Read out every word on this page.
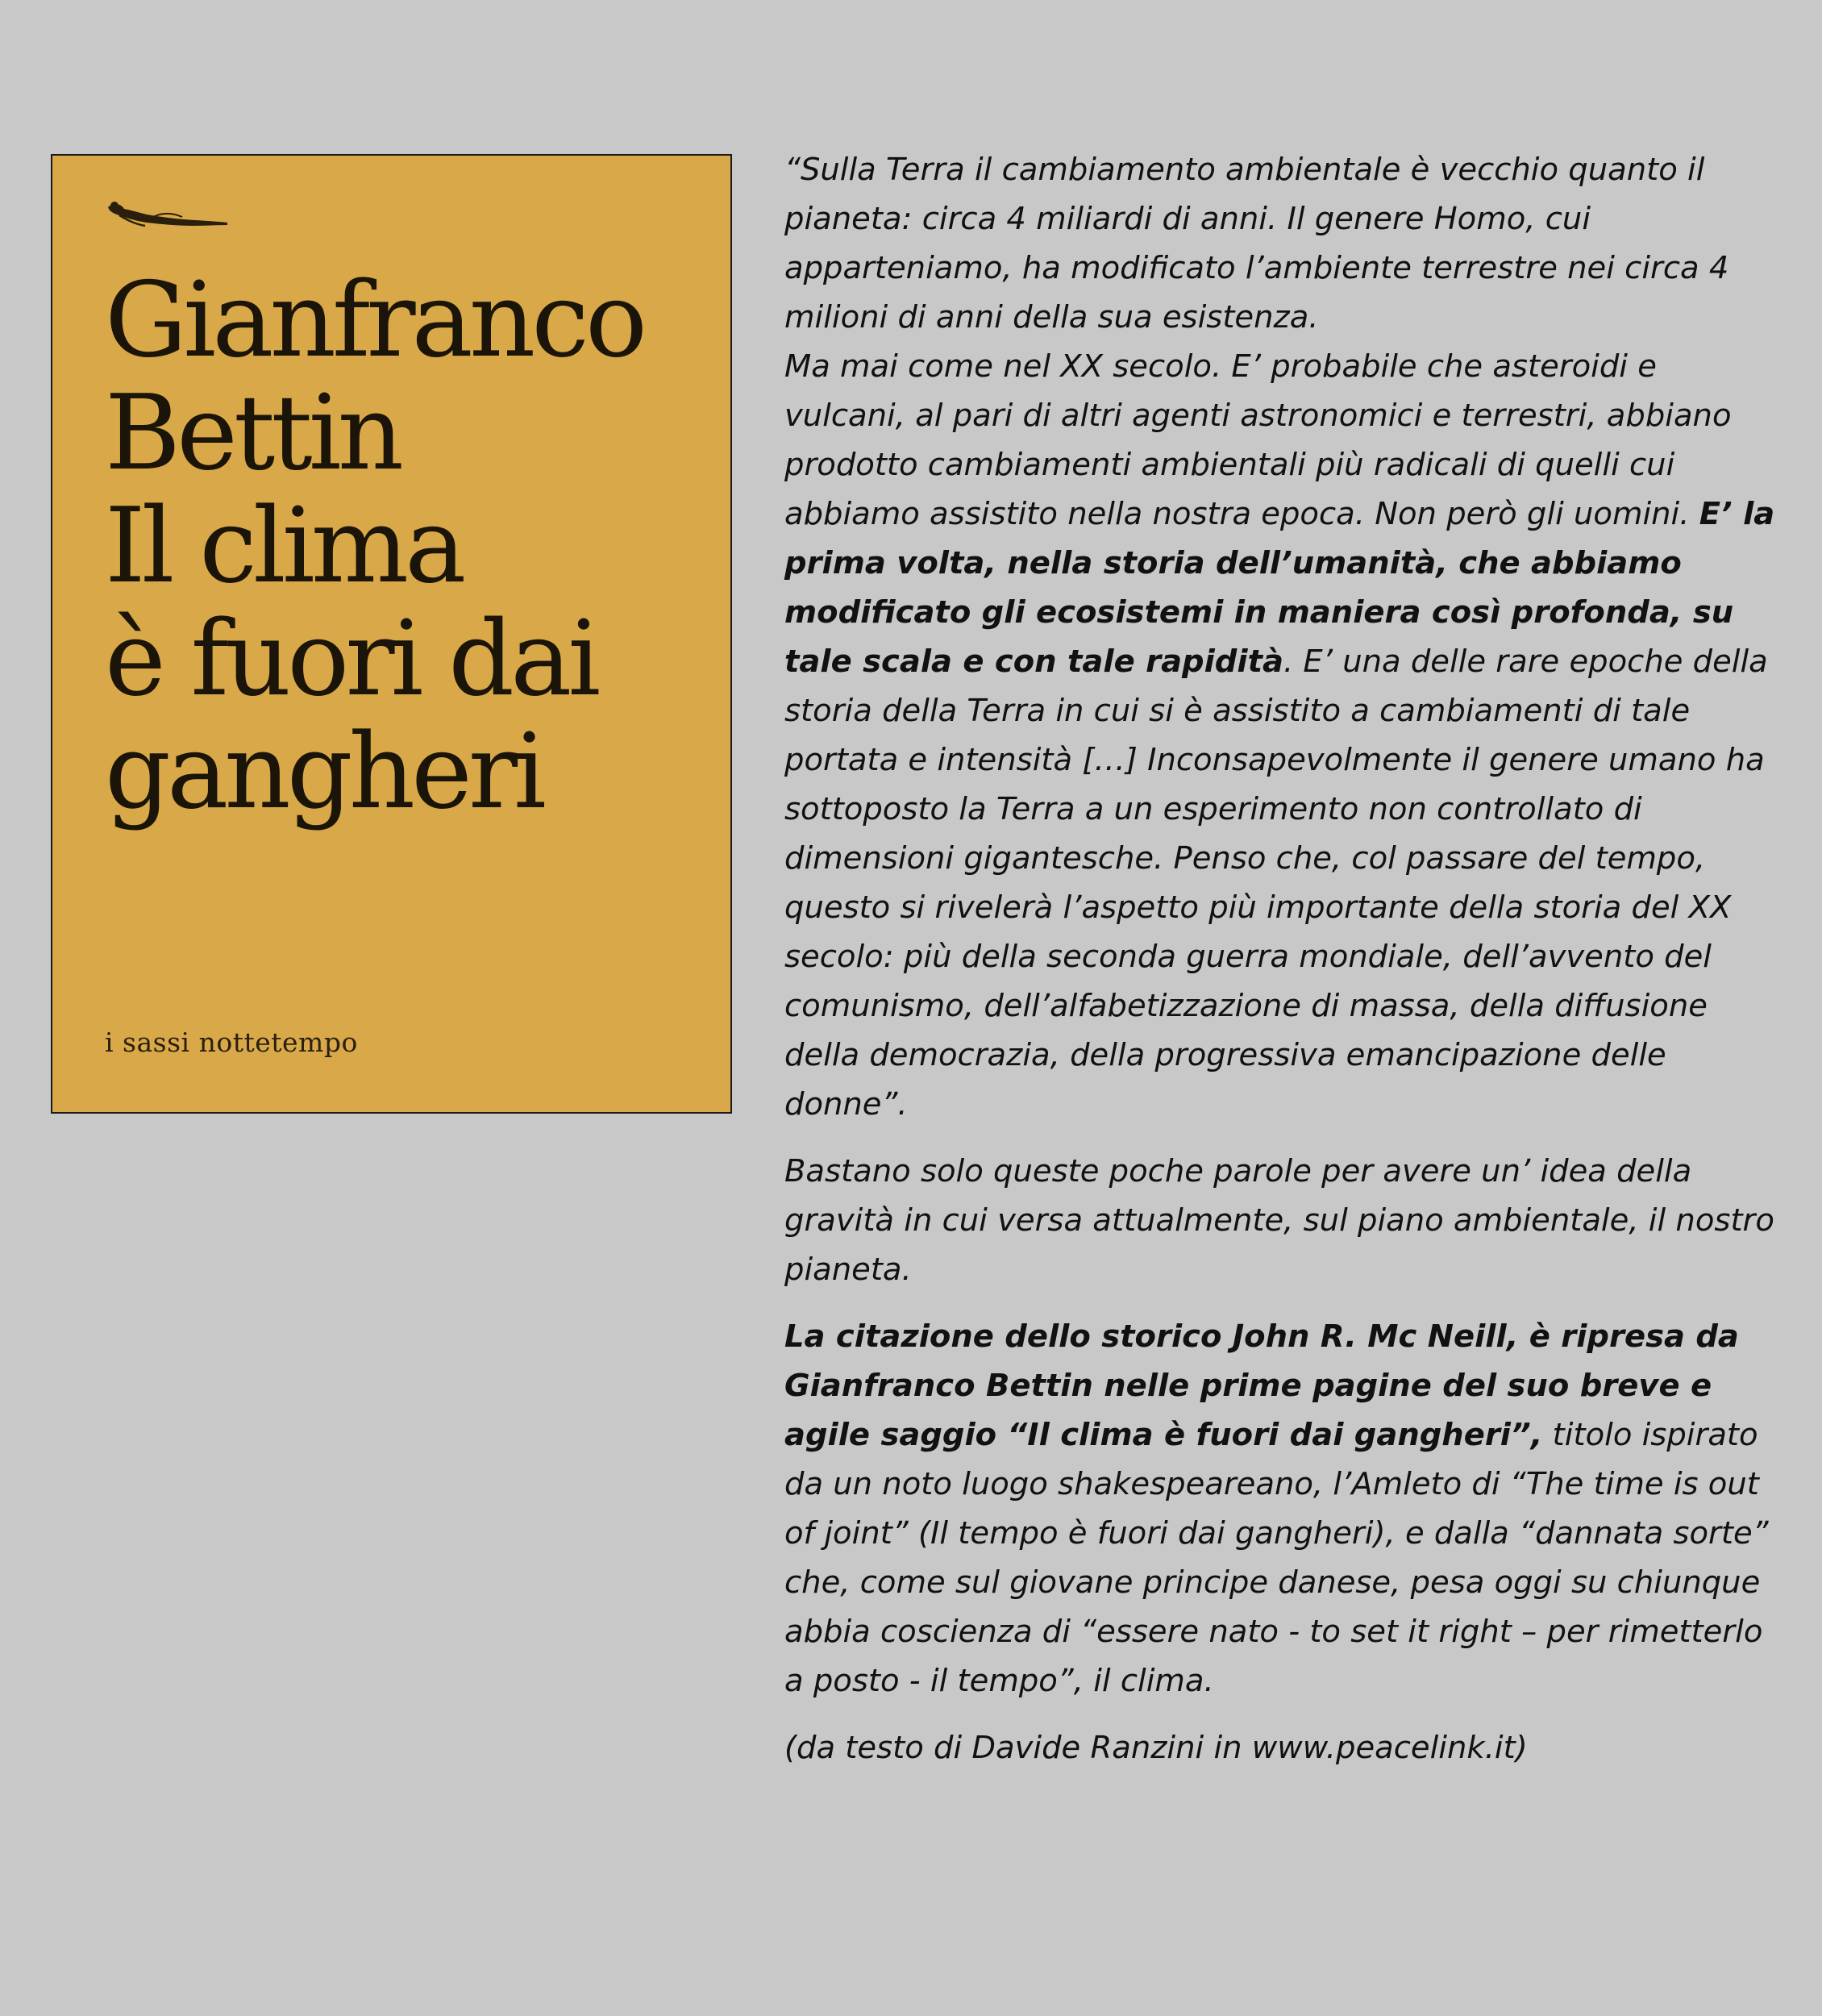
Gianfranco
Bettin
Il clima
è fuori dai
gangheri
i sassi nottetempo

“Sulla Terra il cambiamento ambientale è vecchio quanto il pianeta: circa 4 miliardi di anni. Il genere Homo, cui apparteniamo, ha modificato l’ambiente terrestre nei circa 4 milioni di anni della sua esistenza.
Ma mai come nel XX secolo. E’ probabile che asteroidi e vulcani, al pari di altri agenti astronomici e terrestri, abbiano prodotto cambiamenti ambientali più radicali di quelli cui abbiamo assistito nella nostra epoca. Non però gli uomini. E’ la prima volta, nella storia dell’umanità, che abbiamo modificato gli ecosistemi in maniera così profonda, su tale scala e con tale rapidità. E’ una delle rare epoche della storia della Terra in cui si è assistito a cambiamenti di tale portata e intensità […] Inconsapevolmente il genere umano ha sottoposto la Terra a un esperimento non controllato di dimensioni gigantesche. Penso che, col passare del tempo, questo si rivelerà l’aspetto più importante della storia del XX secolo: più della seconda guerra mondiale, dell’avvento del comunismo, dell’alfabetizzazione di massa, della diffusione della democrazia, della progressiva emancipazione delle donne”.

Bastano solo queste poche parole per avere un’ idea della gravità in cui versa attualmente, sul piano ambientale, il nostro pianeta.

La citazione dello storico John R. Mc Neill, è ripresa da Gianfranco Bettin nelle prime pagine del suo breve e agile saggio “Il clima è fuori dai gangheri”, titolo ispirato da un noto luogo shakespeareano, l’Amleto di “The time is out of joint” (Il tempo è fuori dai gangheri), e dalla “dannata sorte” che, come sul giovane principe danese, pesa oggi su chiunque abbia coscienza di “essere nato - to set it right – per rimetterlo a posto - il tempo”, il clima.

(da testo di Davide Ranzini in www.peacelink.it)
